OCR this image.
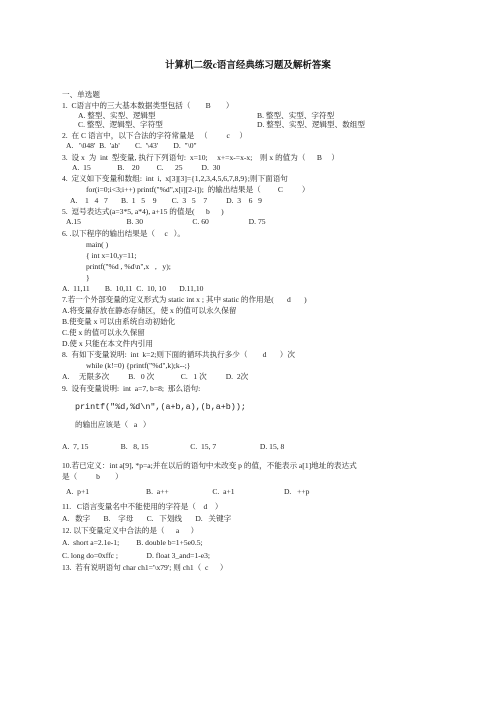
计算机二级c语言经典练习题及解析答案
一、单选题
1.  C语言中的三大基本数据类型包括（        B        ）
A. 整型、实型、逻辑型	B. 整型、实型、字符型
C. 整型、逻辑型、字符型	D. 整型、实型、逻辑型、数组型
2.  在 C 语言中，以下合法的字符常量是   （          c     ）
A.   '\048'  B.  'ab'        C.  '\43'        D.  "\0"
3.  设 x  为  int  型变量, 执行下列语句:  x=10;     x+=x-=x-x;    则 x 的值为（      B     ）
A.  15              B.    20         C.      25          D.  30
4.  定义如下变量和数组:  int  i,  x[3][3]={1,2,3,4,5,6,7,8,9};则下面语句
for(i=0;i<3;i++) printf("%d",x[i][2-i]);  的输出结果是（         C          ）
A.    1   4   7       B.  1   5    9        C.  3   5    7          D.  3    6   9
5.  逗号表达式(a=3*5, a*4), a+15 的值是(      b      )
A.15                        B. 30                          C. 60                     D. 75
6. .以下程序的输出结果是（     c   ）。
main( )
{ int x=10,y=11;
printf("%d , %d\n",x   ,   y);
}
A.  11,11        B.  10,11  C.  10, 10       D.11,10
7.若一个外部变量的定义形式为 static int x ; 其中 static 的作用是(       d       )
A.将变量存放在静态存储区，使 x 的值可以永久保留
B.使变量 x 可以由系统自动初始化
C.使 x 的值可以永久保留
D.使 x 只能在本文件内引用
8.  有如下变量说明:  int  k=2;则下面的循环共执行多少（        d       ）次
while (k!=0) {printf("%d",k);k--;}
A.     无限多次          B.   0 次              C.   1 次          D.  2次
9.  设有变量说明:  int  a=7, b=8;  那么语句:
printf("%d,%d\n",(a+b,a),(b,a+b));
的输出应该是（   a   ）
A.  7, 15                 B.   8, 15                      C.  15, 7                       D. 15, 8
10.若已定义：int a[9], *p=a;并在以后的语句中未改变 p 的值，不能表示 a[1]地址的表达式
是（          b        ）
A.  p+1                              B.  a++                       C.  a+1                          D.   ++p
11.   C语言变量名中不能使用的字符是（    d    ）
A.   数字       B.    字母       C.   下划线       D.   关键字
12. 以下变量定义中合法的是（      a      ）
A.  short a=2.1e-1;         B. double b=1+5e0.5;
C. long do=0xffc ;               D. float 3_and=1-e3;
13.  若有说明语句 char ch1='\x79'; 则 ch1（  c      ）
